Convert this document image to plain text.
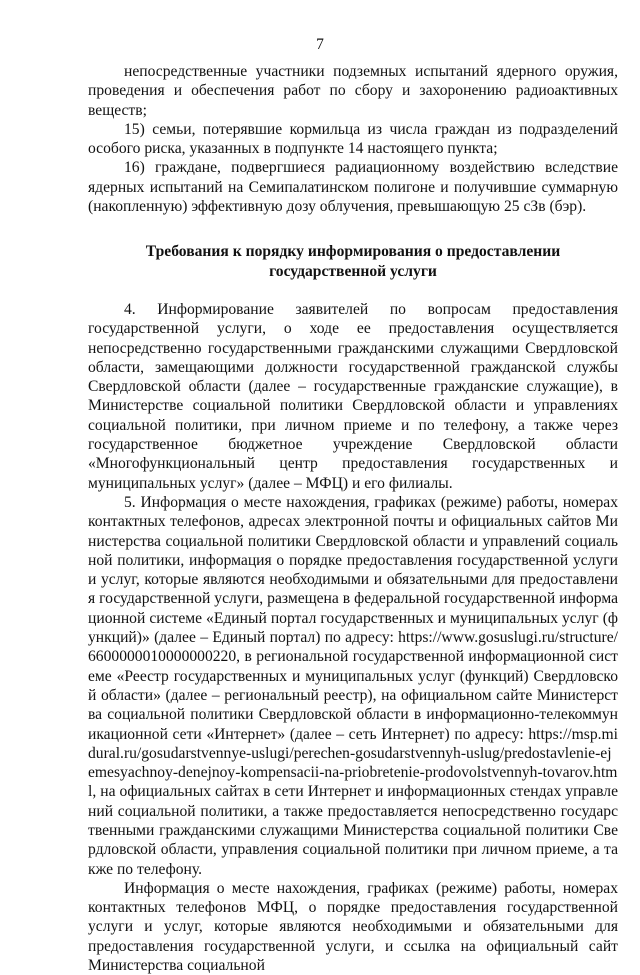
7

непосредственные участники подземных испытаний ядерного оружия, проведения и обеспечения работ по сбору и захоронению радиоактивных веществ;

15) семьи, потерявшие кормильца из числа граждан из подразделений особого риска, указанных в подпункте 14 настоящего пункта;

16) граждане, подвергшиеся радиационному воздействию вследствие ядерных испытаний на Семипалатинском полигоне и получившие суммарную (накопленную) эффективную дозу облучения, превышающую 25 сЗв (бэр).

Требования к порядку информирования о предоставлении
государственной услуги

4. Информирование заявителей по вопросам предоставления государственной услуги, о ходе ее предоставления осуществляется непосредственно государственными гражданскими служащими Свердловской области, замещающими должности государственной гражданской службы Свердловской области (далее – государственные гражданские служащие), в Министерстве социальной политики Свердловской области и управлениях социальной политики, при личном приеме и по телефону, а также через государственное бюджетное учреждение Свердловской области «Многофункциональный центр предоставления государственных и муниципальных услуг» (далее – МФЦ) и его филиалы.

5. Информация о месте нахождения, графиках (режиме) работы, номерах контактных телефонов, адресах электронной почты и официальных сайтов Министерства социальной политики Свердловской области и управлений социальной политики, информация о порядке предоставления государственной услуги и услуг, которые являются необходимыми и обязательными для предоставления государственной услуги, размещена в федеральной государственной информационной системе «Единый портал государственных и муниципальных услуг (функций)» (далее – Единый портал) по адресу: https://www.gosuslugi.ru/structure/6600000010000000220, в региональной государственной информационной системе «Реестр государственных и муниципальных услуг (функций) Свердловской области» (далее – региональный реестр), на официальном сайте Министерства социальной политики Свердловской области в информационно-телекоммуникационной сети «Интернет» (далее – сеть Интернет) по адресу: https://msp.midural.ru/gosudarstvennye-uslugi/perechen-gosudarstvennyh-uslug/predostavlenie-ejemesyachnoy-denejnoy-kompensacii-na-priobretenie-prodovolstvennyh-tovarov.html, на официальных сайтах в сети Интернет и информационных стендах управлений социальной политики, а также предоставляется непосредственно государственными гражданскими служащими Министерства социальной политики Свердловской области, управления социальной политики при личном приеме, а также по телефону.

Информация о месте нахождения, графиках (режиме) работы, номерах контактных телефонов МФЦ, о порядке предоставления государственной услуги и услуг, которые являются необходимыми и обязательными для предоставления государственной услуги, и ссылка на официальный сайт Министерства социальной
